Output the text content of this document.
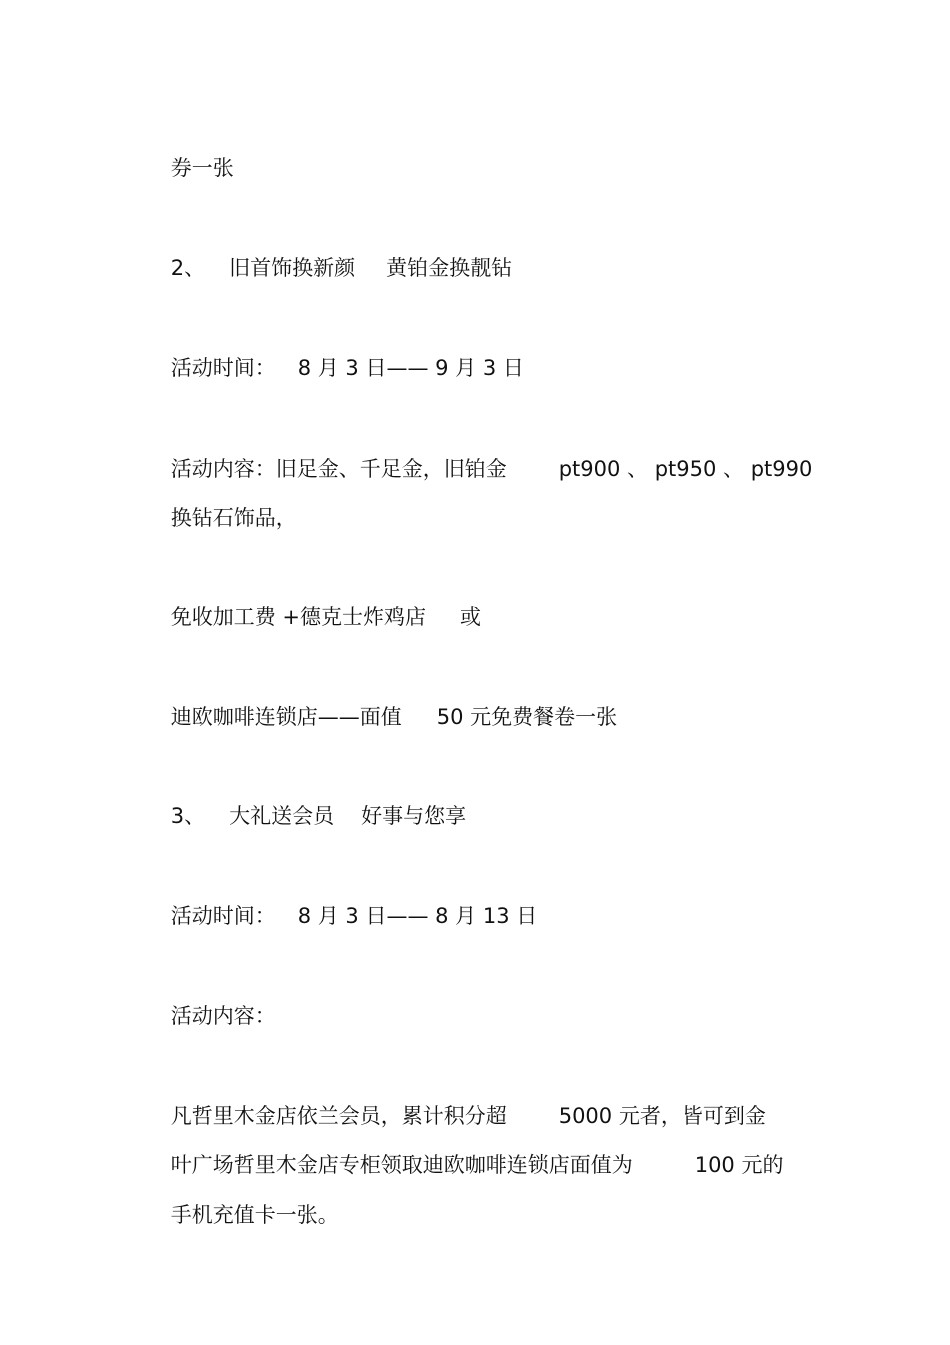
券一张

2、 旧首饰换新颜 黄铂金换靓钻

活动时间： 8 月 3 日—— 9 月 3 日

活动内容：旧足金、千足金，旧铂金 pt900 、 pt950 、 pt990

换钻石饰品，

免收加工费 +德克士炸鸡店 或

迪欧咖啡连锁店——面值 50 元免费餐卷一张

3、 大礼送会员 好事与您享

活动时间： 8 月 3 日—— 8 月 13 日

活动内容：

凡哲里木金店依兰会员，累计积分超 5000 元者，皆可到金

叶广场哲里木金店专柜领取迪欧咖啡连锁店面值为	100 元的

手机充值卡一张。
